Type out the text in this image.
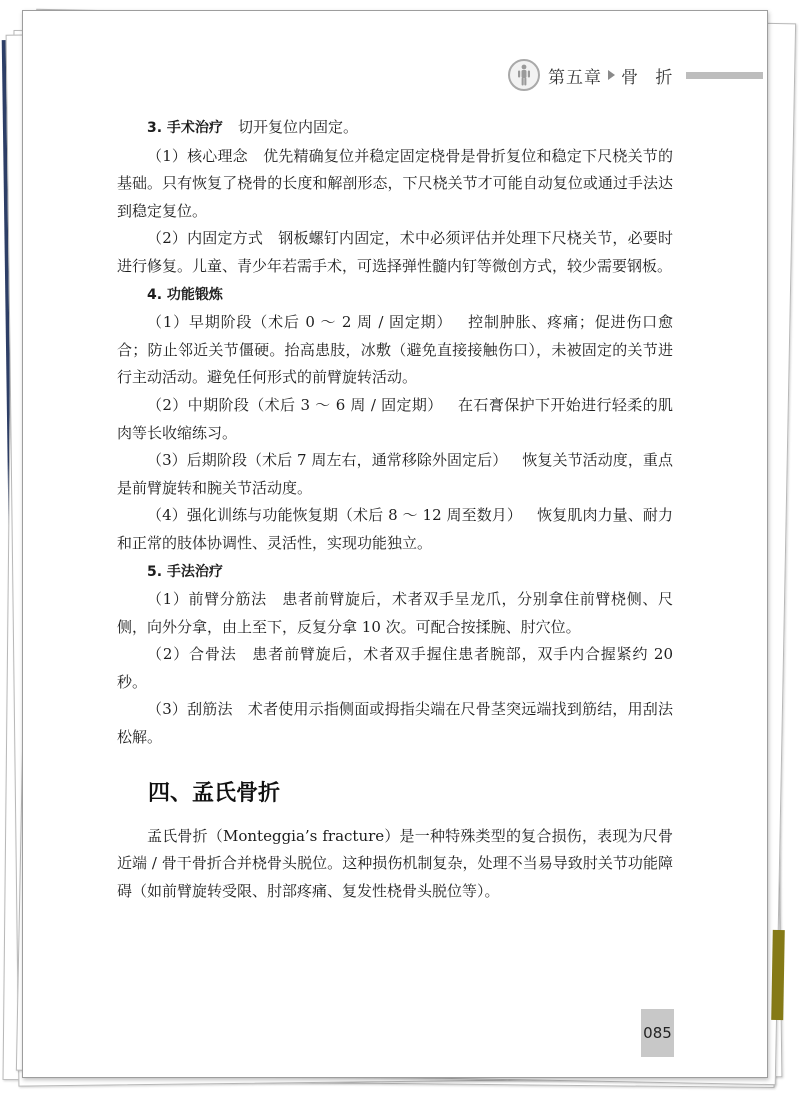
第五章 骨 折

3. 手术治疗  切开复位内固定。

（1）核心理念  优先精确复位并稳定固定桡骨是骨折复位和稳定下尺桡关节的基础。只有恢复了桡骨的长度和解剖形态，下尺桡关节才可能自动复位或通过手法达到稳定复位。

（2）内固定方式  钢板螺钉内固定，术中必须评估并处理下尺桡关节，必要时进行修复。儿童、青少年若需手术，可选择弹性髓内钉等微创方式，较少需要钢板。

4. 功能锻炼

（1）早期阶段（术后 0 ～ 2 周 / 固定期）  控制肿胀、疼痛；促进伤口愈合；防止邻近关节僵硬。抬高患肢，冰敷（避免直接接触伤口），未被固定的关节进行主动活动。避免任何形式的前臂旋转活动。

（2）中期阶段（术后 3 ～ 6 周 / 固定期）  在石膏保护下开始进行轻柔的肌肉等长收缩练习。

（3）后期阶段（术后 7 周左右，通常移除外固定后）  恢复关节活动度，重点是前臂旋转和腕关节活动度。

（4）强化训练与功能恢复期（术后 8 ～ 12 周至数月）  恢复肌肉力量、耐力和正常的肢体协调性、灵活性，实现功能独立。

5. 手法治疗

（1）前臂分筋法  患者前臂旋后，术者双手呈龙爪，分别拿住前臂桡侧、尺侧，向外分拿，由上至下，反复分拿 10 次。可配合按揉腕、肘穴位。

（2）合骨法  患者前臂旋后，术者双手握住患者腕部，双手内合握紧约 20 秒。

（3）刮筋法  术者使用示指侧面或拇指尖端在尺骨茎突远端找到筋结，用刮法松解。

四、孟氏骨折

孟氏骨折（Monteggia’s fracture）是一种特殊类型的复合损伤，表现为尺骨近端 / 骨干骨折合并桡骨头脱位。这种损伤机制复杂，处理不当易导致肘关节功能障碍（如前臂旋转受限、肘部疼痛、复发性桡骨头脱位等）。

085
